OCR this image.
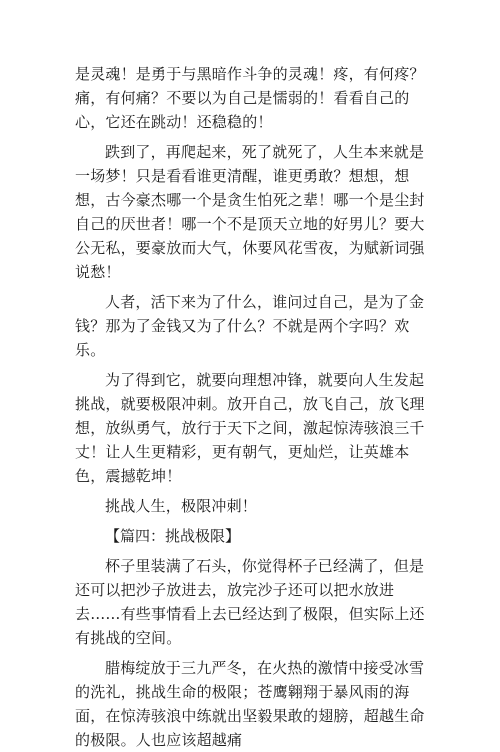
是灵魂！是勇于与黑暗作斗争的灵魂！疼，有何疼？痛，有何痛？不要以为自己是懦弱的！看看自己的心，它还在跳动！还稳稳的！

跌到了，再爬起来，死了就死了，人生本来就是一场梦！只是看看谁更清醒，谁更勇敢？想想，想想，古今豪杰哪一个是贪生怕死之辈！哪一个是尘封自己的厌世者！哪一个不是顶天立地的好男儿？要大公无私，要豪放而大气，休要风花雪夜，为赋新词强说愁！

人者，活下来为了什么，谁问过自己，是为了金钱？那为了金钱又为了什么？不就是两个字吗？欢乐。

为了得到它，就要向理想冲锋，就要向人生发起挑战，就要极限冲刺。放开自己，放飞自己，放飞理想，放纵勇气，放行于天下之间，激起惊涛骇浪三千丈！让人生更精彩，更有朝气，更灿烂，让英雄本色，震撼乾坤！

挑战人生，极限冲刺！

【篇四：挑战极限】

杯子里装满了石头，你觉得杯子已经满了，但是还可以把沙子放进去，放完沙子还可以把水放进去……有些事情看上去已经达到了极限，但实际上还有挑战的空间。

腊梅绽放于三九严冬，在火热的激情中接受冰雪的洗礼，挑战生命的极限；苍鹰翱翔于暴风雨的海面，在惊涛骇浪中练就出坚毅果敢的翅膀，超越生命的极限。人也应该超越痛
